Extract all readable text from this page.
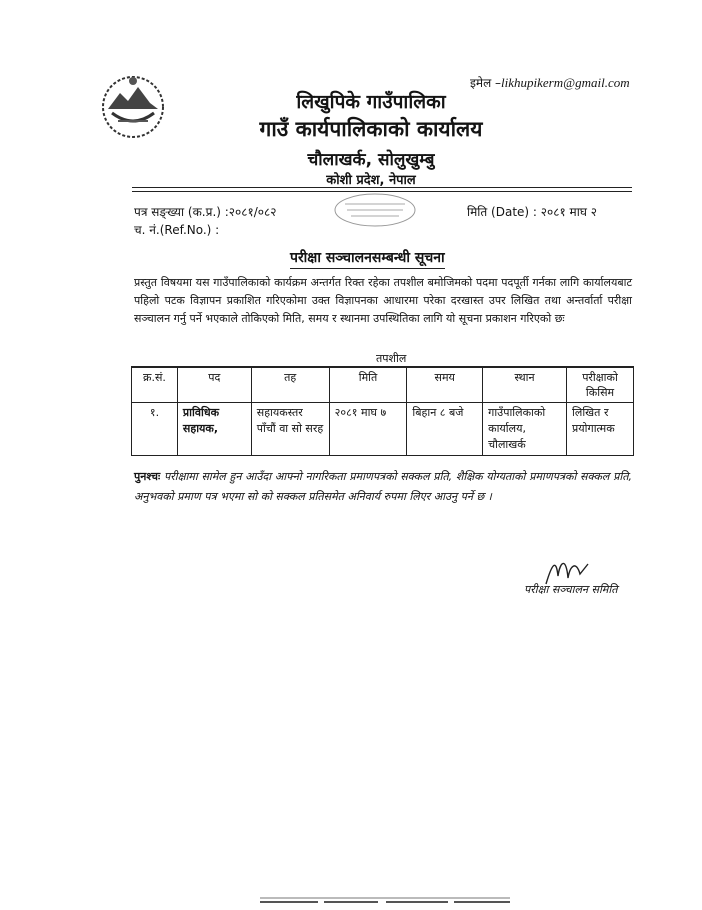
इमेल –likhupikerm@gmail.com
लिखुपिके गाउँपालिका
गाउँ कार्यपालिकाको कार्यालय
चौलाखर्क, सोलुखुम्बु
कोशी प्रदेश, नेपाल
पत्र सङ्ख्या (क.प्र.) :२०८१/०८२
च. नं.(Ref.No.) :
मिति (Date) : २०८१ माघ २
परीक्षा सञ्चालनसम्बन्धी सूचना
प्रस्तुत विषयमा यस गाउँपालिकाको कार्यक्रम अन्तर्गत रिक्त रहेका तपशील बमोजिमको पदमा पदपूर्ती गर्नका लागि कार्यालयबाट पहिलो पटक विज्ञापन प्रकाशित गरिएकोमा उक्त विज्ञापनका आधारमा परेका दरखास्त उपर लिखित तथा अन्तर्वार्ता परीक्षा सञ्चालन गर्नु पर्ने भएकाले तोकिएको मिति, समय र स्थानमा उपस्थितिका लागि यो सूचना प्रकाशन गरिएको छः
तपशील
क्र.सं.	पद	तह	मिति	समय	स्थान	परीक्षाको किसिम
१.	प्राविधिक सहायक,	सहायकस्तर पाँचौं वा सो सरह	२०८१ माघ ७	बिहान ८ बजे	गाउँपालिकाको कार्यालय, चौलाखर्क	लिखित र प्रयोगात्मक
पुनश्चः परीक्षामा सामेल हुन आउँदा आफ्नो नागरिकता प्रमाणपत्रको सक्कल प्रति, शैक्षिक योग्यताको प्रमाणपत्रको सक्कल प्रति, अनुभवको प्रमाण पत्र भएमा सो को सक्कल प्रतिसमेत अनिवार्य रुपमा लिएर आउनु पर्ने छ ।
परीक्षा सञ्चालन समिति
